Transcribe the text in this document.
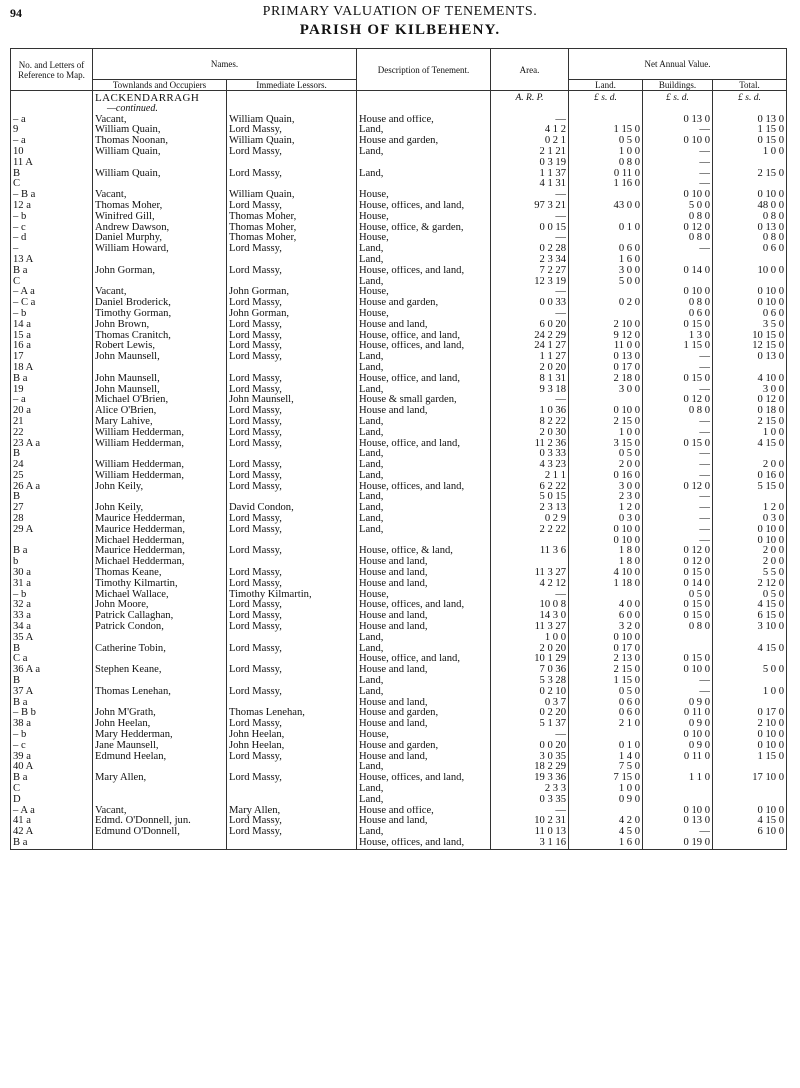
94	PRIMARY VALUATION OF TENEMENTS.
PARISH OF KILBEHENY.
No. and Letters of Reference to Map.	Names.		Description of Tenement.	Area.	Net Annual Value.		
	Townlands and Occupiers	Immediate Lessors.			Land.	Buildings.	Total.
	LACKENDARRAGH			A. R. P.	£ s. d.	£ s. d.	£ s. d.
	—continued.						
– a	Vacant,	William Quain,	House and office,	—		0 13 0	0 13 0
9	William Quain,	Lord Massy,	Land,	4 1 2	1 15 0	—	1 15 0
– a	Thomas Noonan,	William Quain,	House and garden,	0 2 1	0 5 0	0 10 0	0 15 0
10	William Quain,	Lord Massy,	Land,	2 1 21	1 0 0	—	1 0 0
11 A				0 3 19	0 8 0	—	
B	William Quain,	Lord Massy,	Land,	1 1 37	0 11 0	—	2 15 0
C				4 1 31	1 16 0	—	
– B a	Vacant,	William Quain,	House,	—		0 10 0	0 10 0
12 a	Thomas Moher,	Lord Massy,	House, offices, and land,	97 3 21	43 0 0	5 0 0	48 0 0
– b	Winifred Gill,	Thomas Moher,	House,	—		0 8 0	0 8 0
– c	Andrew Dawson,	Thomas Moher,	House, office, & garden,	0 0 15	0 1 0	0 12 0	0 13 0
– d	Daniel Murphy,	Thomas Moher,	House,	—		0 8 0	0 8 0
–	William Howard,	Lord Massy,	Land,	0 2 28	0 6 0	—	0 6 0
13 A			Land,	2 3 34	1 6 0		
B a	John Gorman,	Lord Massy,	House, offices, and land,	7 2 27	3 0 0	0 14 0	10 0 0
C			Land,	12 3 19	5 0 0		
– A a	Vacant,	John Gorman,	House,	—		0 10 0	0 10 0
– C a	Daniel Broderick,	Lord Massy,	House and garden,	0 0 33	0 2 0	0 8 0	0 10 0
– b	Timothy Gorman,	John Gorman,	House,	—		0 6 0	0 6 0
14 a	John Brown,	Lord Massy,	House and land,	6 0 20	2 10 0	0 15 0	3 5 0
15 a	Thomas Cranitch,	Lord Massy,	House, office, and land,	24 2 29	9 12 0	1 3 0	10 15 0
16 a	Robert Lewis,	Lord Massy,	House, offices, and land,	24 1 27	11 0 0	1 15 0	12 15 0
17	John Maunsell,	Lord Massy,	Land,	1 1 27	0 13 0	—	0 13 0
18 A			Land,	2 0 20	0 17 0	—	
B a	John Maunsell,	Lord Massy,	House, office, and land,	8 1 31	2 18 0	0 15 0	4 10 0
19	John Maunsell,	Lord Massy,	Land,	9 3 18	3 0 0	—	3 0 0
– a	Michael O'Brien,	John Maunsell,	House & small garden,	—		0 12 0	0 12 0
20 a	Alice O'Brien,	Lord Massy,	House and land,	1 0 36	0 10 0	0 8 0	0 18 0
21	Mary Lahive,	Lord Massy,	Land,	8 2 22	2 15 0	—	2 15 0
22	William Hedderman,	Lord Massy,	Land,	2 0 30	1 0 0	—	1 0 0
23 A a	William Hedderman,	Lord Massy,	House, office, and land,	11 2 36	3 15 0	0 15 0	4 15 0
B			Land,	0 3 33	0 5 0	—	
24	William Hedderman,	Lord Massy,	Land,	4 3 23	2 0 0	—	2 0 0
25	William Hedderman,	Lord Massy,	Land,	2 1 1	0 16 0	—	0 16 0
26 A a	John Keily,	Lord Massy,	House, offices, and land,	6 2 22	3 0 0	0 12 0	5 15 0
B			Land,	5 0 15	2 3 0	—	
27	John Keily,	David Condon,	Land,	2 3 13	1 2 0	—	1 2 0
28	Maurice Hedderman,	Lord Massy,	Land,	0 2 9	0 3 0	—	0 3 0
29 A	Maurice Hedderman,	Lord Massy,	Land,	2 2 22	0 10 0	—	0 10 0
	Michael Hedderman,				0 10 0	—	0 10 0
B a	Maurice Hedderman,	Lord Massy,	House, office, & land,	11 3 6	1 8 0	0 12 0	2 0 0
b	Michael Hedderman,		House and land,		1 8 0	0 12 0	2 0 0
30 a	Thomas Keane,	Lord Massy,	House and land,	11 3 27	4 10 0	0 15 0	5 5 0
31 a	Timothy Kilmartin,	Lord Massy,	House and land,	4 2 12	1 18 0	0 14 0	2 12 0
– b	Michael Wallace,	Timothy Kilmartin,	House,	—		0 5 0	0 5 0
32 a	John Moore,	Lord Massy,	House, offices, and land,	10 0 8	4 0 0	0 15 0	4 15 0
33 a	Patrick Callaghan,	Lord Massy,	House and land,	14 3 0	6 0 0	0 15 0	6 15 0
34 a	Patrick Condon,	Lord Massy,	House and land,	11 3 27	3 2 0	0 8 0	3 10 0
35 A			Land,	1 0 0	0 10 0		
B	Catherine Tobin,	Lord Massy,	Land,	2 0 20	0 17 0		4 15 0
C a			House, office, and land,	10 1 29	2 13 0	0 15 0	
36 A a	Stephen Keane,	Lord Massy,	House and land,	7 0 36	2 15 0	0 10 0	5 0 0
B			Land,	5 3 28	1 15 0	—	
37 A	Thomas Lenehan,	Lord Massy,	Land,	0 2 10	0 5 0	—	1 0 0
B a			House and land,	0 3 7	0 6 0	0 9 0	
– B b	John M'Grath,	Thomas Lenehan,	House and garden,	0 2 20	0 6 0	0 11 0	0 17 0
38 a	John Heelan,	Lord Massy,	House and land,	5 1 37	2 1 0	0 9 0	2 10 0
– b	Mary Hedderman,	John Heelan,	House,	—		0 10 0	0 10 0
– c	Jane Maunsell,	John Heelan,	House and garden,	0 0 20	0 1 0	0 9 0	0 10 0
39 a	Edmund Heelan,	Lord Massy,	House and land,	3 0 35	1 4 0	0 11 0	1 15 0
40 A			Land,	18 2 29	7 5 0		
B a	Mary Allen,	Lord Massy,	House, offices, and land,	19 3 36	7 15 0	1 1 0	17 10 0
C			Land,	2 3 3	1 0 0		
D			Land,	0 3 35	0 9 0		
– A a	Vacant,	Mary Allen,	House and office,	—		0 10 0	0 10 0
41 a	Edmd. O'Donnell, jun.	Lord Massy,	House and land,	10 2 31	4 2 0	0 13 0	4 15 0
42 A	Edmund O'Donnell,	Lord Massy,	Land,	11 0 13	4 5 0	—	6 10 0
B a			House, offices, and land,	3 1 16	1 6 0	0 19 0	
